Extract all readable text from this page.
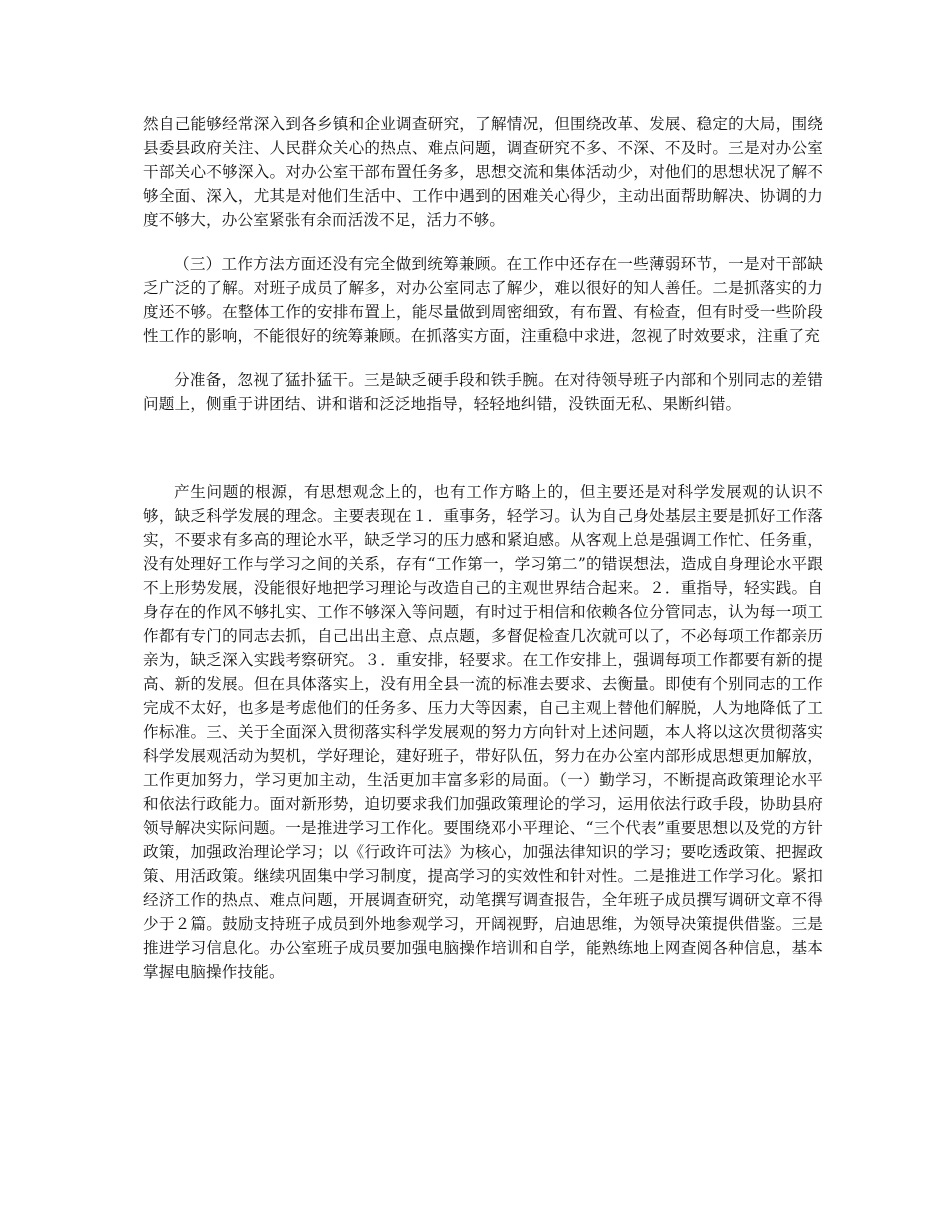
然自己能够经常深入到各乡镇和企业调查研究，了解情况，但围绕改革、发展、稳定的大局，围绕县委县政府关注、人民群众关心的热点、难点问题，调查研究不多、不深、不及时。三是对办公室干部关心不够深入。对办公室干部布置任务多，思想交流和集体活动少，对他们的思想状况了解不够全面、深入，尤其是对他们生活中、工作中遇到的困难关心得少，主动出面帮助解决、协调的力度不够大，办公室紧张有余而活泼不足，活力不够。

（三）工作方法方面还没有完全做到统筹兼顾。在工作中还存在一些薄弱环节，一是对干部缺乏广泛的了解。对班子成员了解多，对办公室同志了解少，难以很好的知人善任。二是抓落实的力度还不够。在整体工作的安排布置上，能尽量做到周密细致，有布置、有检查，但有时受一些阶段性工作的影响，不能很好的统筹兼顾。在抓落实方面，注重稳中求进，忽视了时效要求，注重了充

分准备，忽视了猛扑猛干。三是缺乏硬手段和铁手腕。在对待领导班子内部和个别同志的差错问题上，侧重于讲团结、讲和谐和泛泛地指导，轻轻地纠错，没铁面无私、果断纠错。

产生问题的根源，有思想观念上的，也有工作方略上的，但主要还是对科学发展观的认识不够，缺乏科学发展的理念。主要表现在１．重事务，轻学习。认为自己身处基层主要是抓好工作落实，不要求有多高的理论水平，缺乏学习的压力感和紧迫感。从客观上总是强调工作忙、任务重，没有处理好工作与学习之间的关系，存有“工作第一，学习第二”的错误想法，造成自身理论水平跟不上形势发展，没能很好地把学习理论与改造自己的主观世界结合起来。２．重指导，轻实践。自身存在的作风不够扎实、工作不够深入等问题，有时过于相信和依赖各位分管同志，认为每一项工作都有专门的同志去抓，自己出出主意、点点题，多督促检查几次就可以了，不必每项工作都亲历亲为，缺乏深入实践考察研究。３．重安排，轻要求。在工作安排上，强调每项工作都要有新的提高、新的发展。但在具体落实上，没有用全县一流的标准去要求、去衡量。即使有个别同志的工作完成不太好，也多是考虑他们的任务多、压力大等因素，自己主观上替他们解脱，人为地降低了工作标准。三、关于全面深入贯彻落实科学发展观的努力方向针对上述问题，本人将以这次贯彻落实科学发展观活动为契机，学好理论，建好班子，带好队伍，努力在办公室内部形成思想更加解放，工作更加努力，学习更加主动，生活更加丰富多彩的局面。（一）勤学习，不断提高政策理论水平和依法行政能力。面对新形势，迫切要求我们加强政策理论的学习，运用依法行政手段，协助县府领导解决实际问题。一是推进学习工作化。要围绕邓小平理论、“三个代表”重要思想以及党的方针政策，加强政治理论学习；以《行政许可法》为核心，加强法律知识的学习；要吃透政策、把握政策、用活政策。继续巩固集中学习制度，提高学习的实效性和针对性。二是推进工作学习化。紧扣经济工作的热点、难点问题，开展调查研究，动笔撰写调查报告，全年班子成员撰写调研文章不得少于２篇。鼓励支持班子成员到外地参观学习，开阔视野，启迪思维，为领导决策提供借鉴。三是推进学习信息化。办公室班子成员要加强电脑操作培训和自学，能熟练地上网查阅各种信息，基本掌握电脑操作技能。
